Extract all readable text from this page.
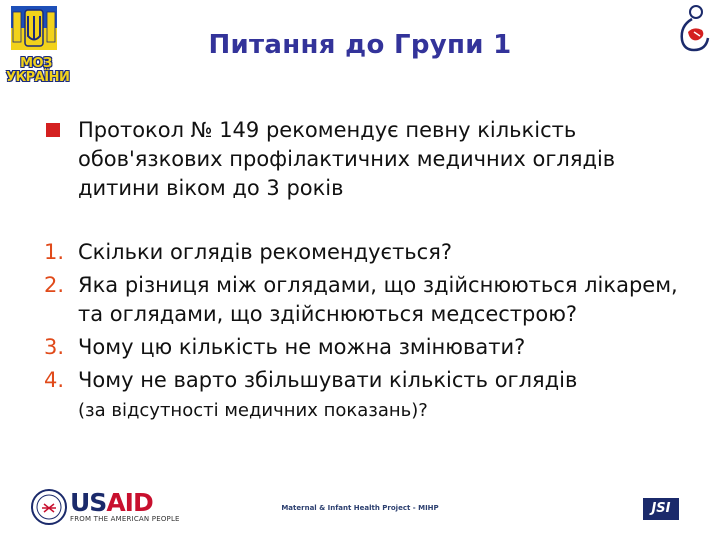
МОЗ
УКРАЇНИ
Питання до Групи 1
Протокол № 149 рекомендує певну кількість обов'язкових профілактичних медичних оглядів дитини віком до 3 років
1. Скільки оглядів рекомендується?
2. Яка різниця між оглядами, що здійснюються лікарем, та оглядами, що здійснюються медсестрою?
3. Чому цю кількість не можна змінювати?
4. Чому не варто збільшувати кількість оглядів
(за відсутності медичних показань)?
USAID
FROM THE AMERICAN PEOPLE
Maternal & Infant Health Project - MIHP	JSI
